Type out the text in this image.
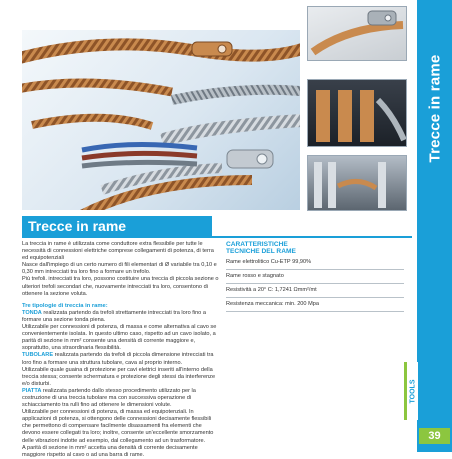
Trecce in rame
TOOLS
39
Trecce in rame

La treccia in rame è utilizzata come conduttore extra flessibile per tutte le necessità di connessioni elettriche comprese collegamenti di potenza, di terra ed equipotenziali

Nasce dall'impiego di un certo numero di fili elementari di Ø variabile tra 0,10 e 0,30 mm intrecciati tra loro fino a formare un trefolo.

Più trefoli. intrecciati tra loro, possono costituire una treccia di piccola sezione o ulteriori trefoli secondari che, nuovamente intrecciati tra loro, consentono di ottenere la sezione voluta.

Tre tipologie di treccia in rame:

TONDA realizzata partendo da trefoli strettamente intrecciati tra loro fino a formare una sezione tonda piena.

Utilizzabile per connessioni di potenza, di massa e come alternativa al cavo se convenientemente isolata. In questo ultimo caso, rispetto ad un cavo isolato, a parità di sezione in mm² consente una densità di corrente maggiore e, soprattutto, una straordinaria flessibilità.

TUBOLARE realizzata partendo da trefoli di piccola dimensione intrecciati tra loro fino a formare una struttura tubolare, cava al proprio interno.

Utilizzabile quale guaina di protezione per cavi elettrici inseriti all'interno della treccia stessa; consente schermatura e protezione degli stessi da interferenze e/o disturbi.

PIATTA realizzata partendo dallo stesso procedimento utilizzato per la costruzione di una treccia tubolare ma con successiva operazione di schiacciamento tra rulli fino ad ottenere le dimensioni volute.

Utilizzabile per connessioni di potenza, di massa ed equipotenziali. In applicazioni di potenza, si ottengono delle connessioni decisamente flessibili che permettono di compensare facilmente disassamenti fra elementi che devono essere collegati tra loro; inoltre, consente un'eccellente smorzamento delle vibrazioni indotte ad esempio, dal collegamento ad un trasformatore.

A parità di sezione in mm² accetta una densità di corrente decisamente maggiore rispetto al cavo o ad una barra di rame.

CARATTERISTICHE
TECNICHE DEL RAME
Rame elettrolitico Cu-ETP 99,90%
Rame rosso e stagnato
Resistività a 20° C: 1,7241 Ωmm²/mt
Resistenza meccanica: min. 200 Mpa
